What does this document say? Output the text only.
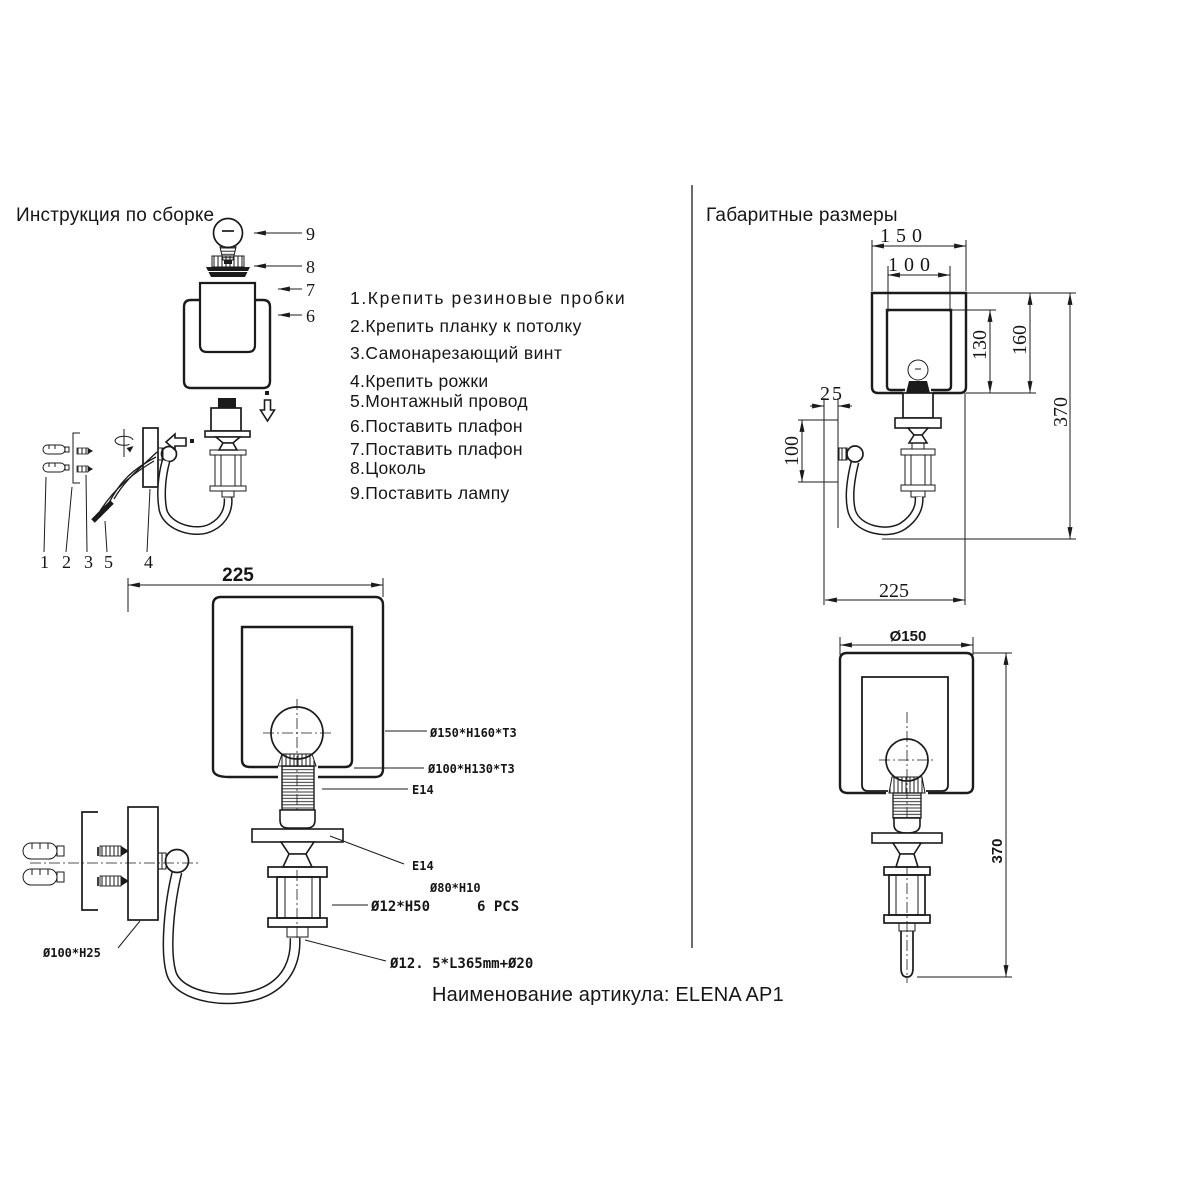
9
8
7
6
1 2 3 5 4
150
100
130 160
370
25
100
225
225
Ø150*H160*T3
Ø100*H130*T3
E14
E14
Ø80*H10
Ø12*H50	6 PCS
Ø12. 5*L365mm+Ø20
Ø100*H25
Ø150
370
Инструкция по сборке	Габаритные размеры
1.Крепить резиновые пробки
2.Крепить планку к потолку
3.Самонарезающий винт
4.Крепить рожки
5.Монтажный провод
6.Поставить плафон
7.Поставить плафон
8.Цоколь
9.Поставить лампу
Наименование артикула: ELENA AP1
